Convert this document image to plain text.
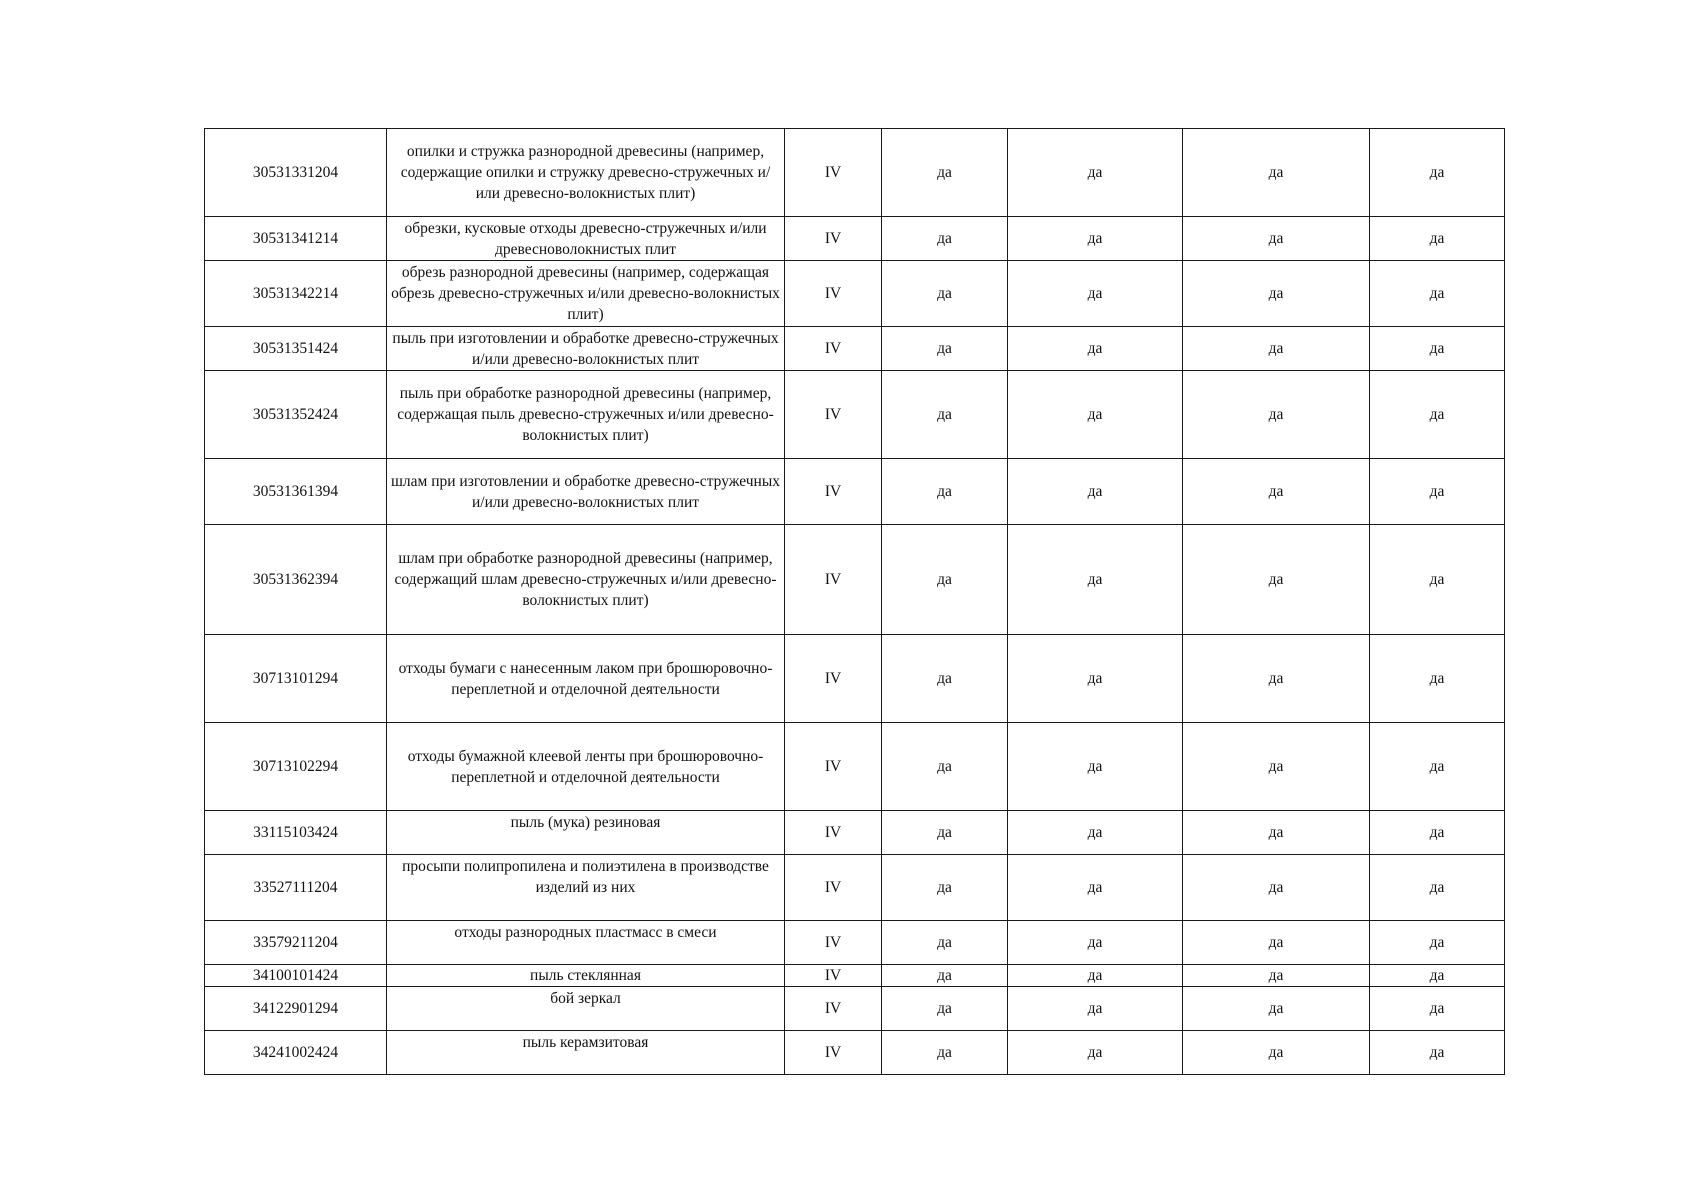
30531331204	опилки и стружка разнородной древесины (например, содержащие опилки и стружку древесно-стружечных и/или древесно-волокнистых плит)	IV	да	да	да	да
30531341214	обрезки, кусковые отходы древесно-стружечных и/или древесноволокнистых плит	IV	да	да	да	да
30531342214	обрезь разнородной древесины (например, содержащая обрезь древесно-стружечных и/или древесно-волокнистых плит)	IV	да	да	да	да
30531351424	пыль при изготовлении и обработке древесно-стружечных и/или древесно-волокнистых плит	IV	да	да	да	да
30531352424	пыль при обработке разнородной древесины (например, содержащая пыль древесно-стружечных и/или древесно-волокнистых плит)	IV	да	да	да	да
30531361394	шлам при изготовлении и обработке древесно-стружечных и/или древесно-волокнистых плит	IV	да	да	да	да
30531362394	шлам при обработке разнородной древесины (например, содержащий шлам древесно-стружечных и/или древесно-волокнистых плит)	IV	да	да	да	да
30713101294	отходы бумаги с нанесенным лаком при брошюровочно-переплетной и отделочной деятельности	IV	да	да	да	да
30713102294	отходы бумажной клеевой ленты при брошюровочно-переплетной и отделочной деятельности	IV	да	да	да	да
33115103424	пыль (мука) резиновая	IV	да	да	да	да
33527111204	просыпи полипропилена и полиэтилена в производстве изделий из них	IV	да	да	да	да
33579211204	отходы разнородных пластмасс в смеси	IV	да	да	да	да
34100101424	пыль стеклянная	IV	да	да	да	да
34122901294	бой зеркал	IV	да	да	да	да
34241002424	пыль керамзитовая	IV	да	да	да	да
